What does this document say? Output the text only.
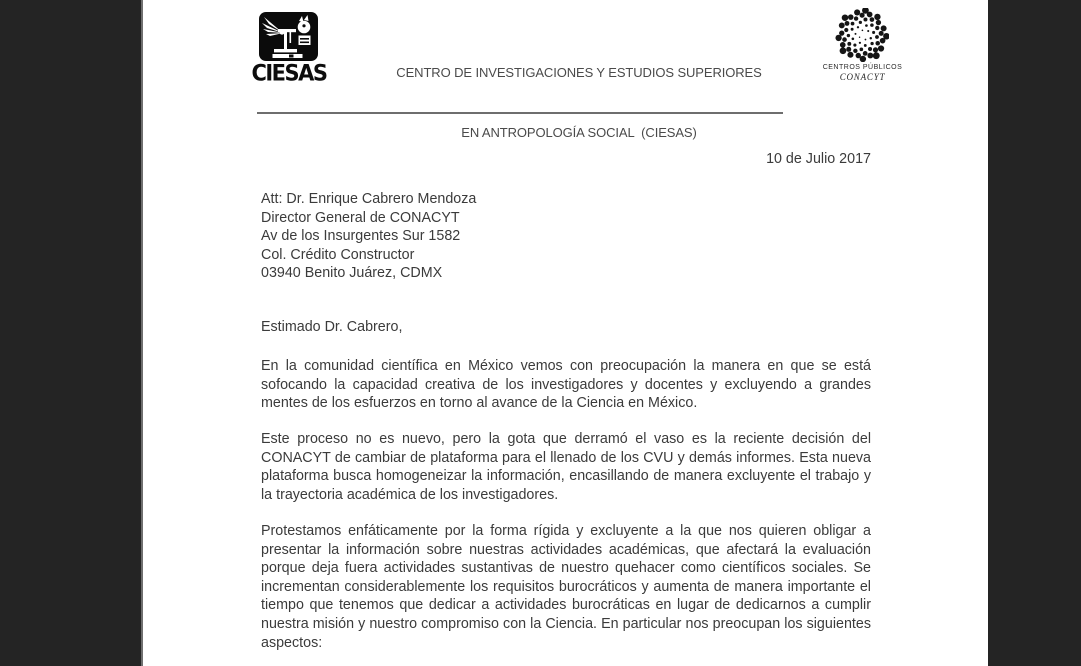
CIESAS

	CENTRO DE INVESTIGACIONES Y ESTUDIOS SUPERIORES

EN ANTROPOLOGÍA SOCIAL  (CIESAS)

CENTROS PÚBLICOS
CONACYT
10 de Julio 2017
Att: Dr. Enrique Cabrero Mendoza
Director General de CONACYT
Av de los Insurgentes Sur 1582
Col. Crédito Constructor
03940 Benito Juárez, CDMX
Estimado Dr. Cabrero,

En la comunidad científica en México vemos con preocupación la manera en que se está sofocando la capacidad creativa de los investigadores y docentes y excluyendo a grandes mentes de los esfuerzos en torno al avance de la Ciencia en México.

Este proceso no es nuevo, pero la gota que derramó el vaso es la reciente decisión del CONACYT de cambiar de plataforma para el llenado de los CVU y demás informes. Esta nueva plataforma busca homogeneizar la información, encasillando de manera excluyente el trabajo y la trayectoria académica de los investigadores.

Protestamos enfáticamente por la forma rígida y excluyente a la que nos quieren obligar a presentar la información sobre nuestras actividades académicas, que afectará la evaluación porque deja fuera actividades sustantivas de nuestro quehacer como científicos sociales. Se incrementan considerablemente los requisitos burocráticos y aumenta de manera importante el tiempo que tenemos que dedicar a actividades burocráticas en lugar de dedicarnos a cumplir nuestra misión y nuestro compromiso con la Ciencia. En particular nos preocupan los siguientes aspectos:
